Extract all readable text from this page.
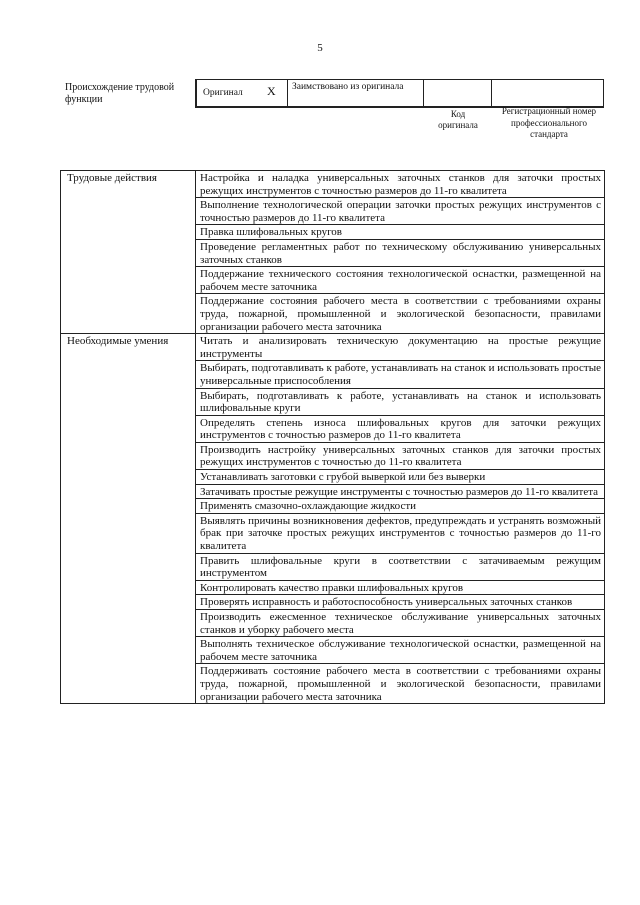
5
Происхождение трудовой функции
Оригинал X	Заимствовано из оригинала
Код оригинала
Регистрационный номер профессионального стандарта
Трудовые действия	Настройка и наладка универсальных заточных станков для заточки простых режущих инструментов с точностью размеров до 11-го квалитета
	Выполнение технологической операции заточки простых режущих инструментов с точностью размеров до 11-го квалитета
	Правка шлифовальных кругов
	Проведение регламентных работ по техническому обслуживанию универсальных заточных станков
	Поддержание технического состояния технологической оснастки, размещенной на рабочем месте заточника
	Поддержание состояния рабочего места в соответствии с требованиями охраны труда, пожарной, промышленной и экологической безопасности, правилами организации рабочего места заточника
Необходимые умения	Читать и анализировать техническую документацию на простые режущие инструменты
	Выбирать, подготавливать к работе, устанавливать на станок и использовать простые универсальные приспособления
	Выбирать, подготавливать к работе, устанавливать на станок и использовать шлифовальные круги
	Определять степень износа шлифовальных кругов для заточки режущих инструментов с точностью размеров до 11-го квалитета
	Производить настройку универсальных заточных станков для заточки простых режущих инструментов с точностью до 11-го квалитета
	Устанавливать заготовки с грубой выверкой или без выверки
	Затачивать простые режущие инструменты с точностью размеров до 11-го квалитета
	Применять смазочно-охлаждающие жидкости
	Выявлять причины возникновения дефектов, предупреждать и устранять возможный брак при заточке простых режущих инструментов с точностью размеров до 11-го квалитета
	Править шлифовальные круги в соответствии с затачиваемым режущим инструментом
	Контролировать качество правки шлифовальных кругов
	Проверять исправность и работоспособность универсальных заточных станков
	Производить ежесменное техническое обслуживание универсальных заточных станков и уборку рабочего места
	Выполнять техническое обслуживание технологической оснастки, размещенной на рабочем месте заточника
	Поддерживать состояние рабочего места в соответствии с требованиями охраны труда, пожарной, промышленной и экологической безопасности, правилами организации рабочего места заточника
